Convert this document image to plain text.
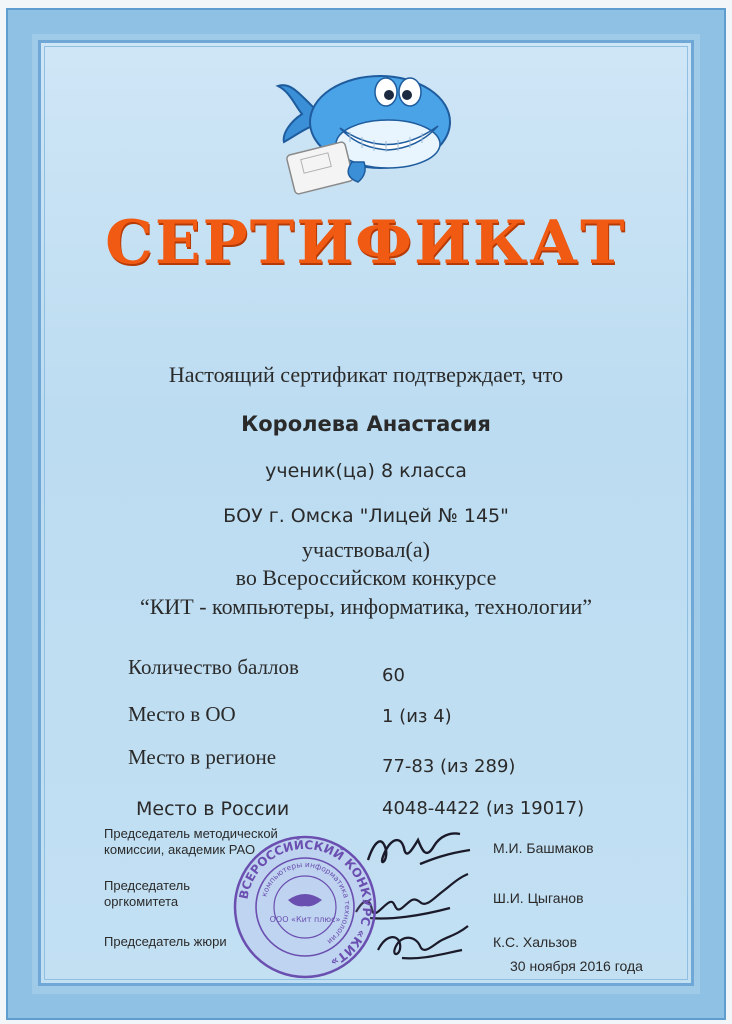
СЕРТИФИКАТ
Настоящий сертификат подтверждает, что
Королева Анастасия
ученик(ца) 8 класса
БОУ г. Омска "Лицей № 145"
участвовал(а)
во Всероссийском конкурсе
“КИТ - компьютеры, информатика, технологии”
Количество баллов	60
Место в ОО	1 (из 4)
Место в регионе	77-83 (из 289)
Место в России	4048-4422 (из 19017)
Председатель методической
комиссии, академик РАО	М.И. Башмаков
Председатель
оргкомитета	Ш.И. Цыганов
Председатель жюри	К.С. Хальзов
30 ноября 2016 года
ВСЕРОССИЙСКИЙ КОНКУРС «КИТ»
компьютеры информатика технологии
ООО «Кит плюс»
